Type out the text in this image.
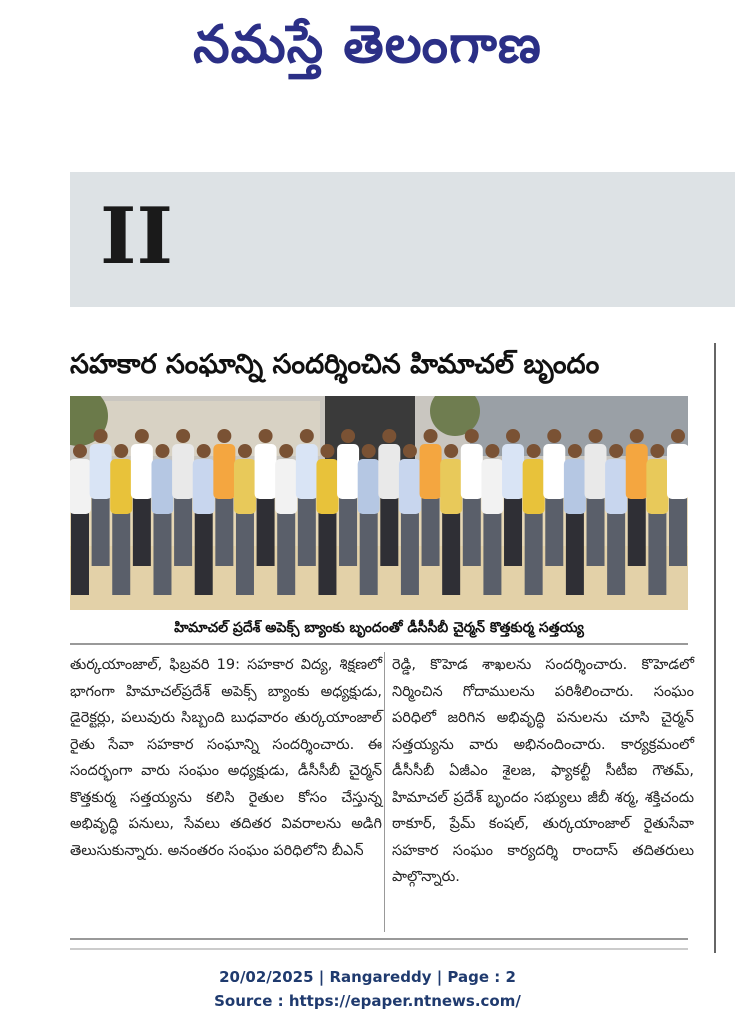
నమస్తే తెలంగాణ
II
సహకార సంఘాన్ని సందర్శించిన హిమాచల్ బృందం
హిమాచల్ ప్రదేశ్ అపెక్స్ బ్యాంకు బృందంతో డీసీసీబీ చైర్మన్ కొత్తకుర్మ సత్తయ్య

తుర్కయాంజాల్, ఫిబ్రవరి 19: సహకార విద్య, శిక్షణలో భాగంగా హిమాచల్‌ప్రదేశ్ అపెక్స్ బ్యాంకు అధ్యక్షుడు, డైరెక్టర్లు, పలువురు సిబ్బంది బుధవారం తుర్కయాంజాల్ రైతు సేవా సహకార సంఘాన్ని సందర్శించారు. ఈ సందర్భంగా వారు సంఘం అధ్యక్షుడు, డీసీసీబీ చైర్మన్ కొత్తకుర్మ సత్తయ్యను కలిసి రైతుల కోసం చేస్తున్న అభివృద్ధి పనులు, సేవలు తదితర వివరాలను అడిగి తెలుసుకున్నారు. అనంతరం సంఘం పరిధిలోని బీఎన్

రెడ్డి, కొహెడ శాఖలను సందర్శించారు. కొహెడలో నిర్మించిన గోదాములను పరిశీలించారు. సంఘం పరిధిలో జరిగిన అభివృద్ధి పనులను చూసి చైర్మన్ సత్తయ్యను వారు అభినందించారు. కార్యక్రమంలో డీసీసీబీ ఏజీఎం శైలజ, ఫ్యాకల్టీ సీటీఐ గౌతమ్, హిమాచల్ ప్రదేశ్ బృందం సభ్యులు జీబీ శర్మ, శక్తిచందు ఠాకూర్, ప్రేమ్ కంషల్, తుర్కయాంజాల్ రైతుసేవా సహకార సంఘం కార్యదర్శి రాందాస్ తదితరులు పాల్గొన్నారు.

20/02/2025 | Rangareddy | Page : 2
Source : https://epaper.ntnews.com/
